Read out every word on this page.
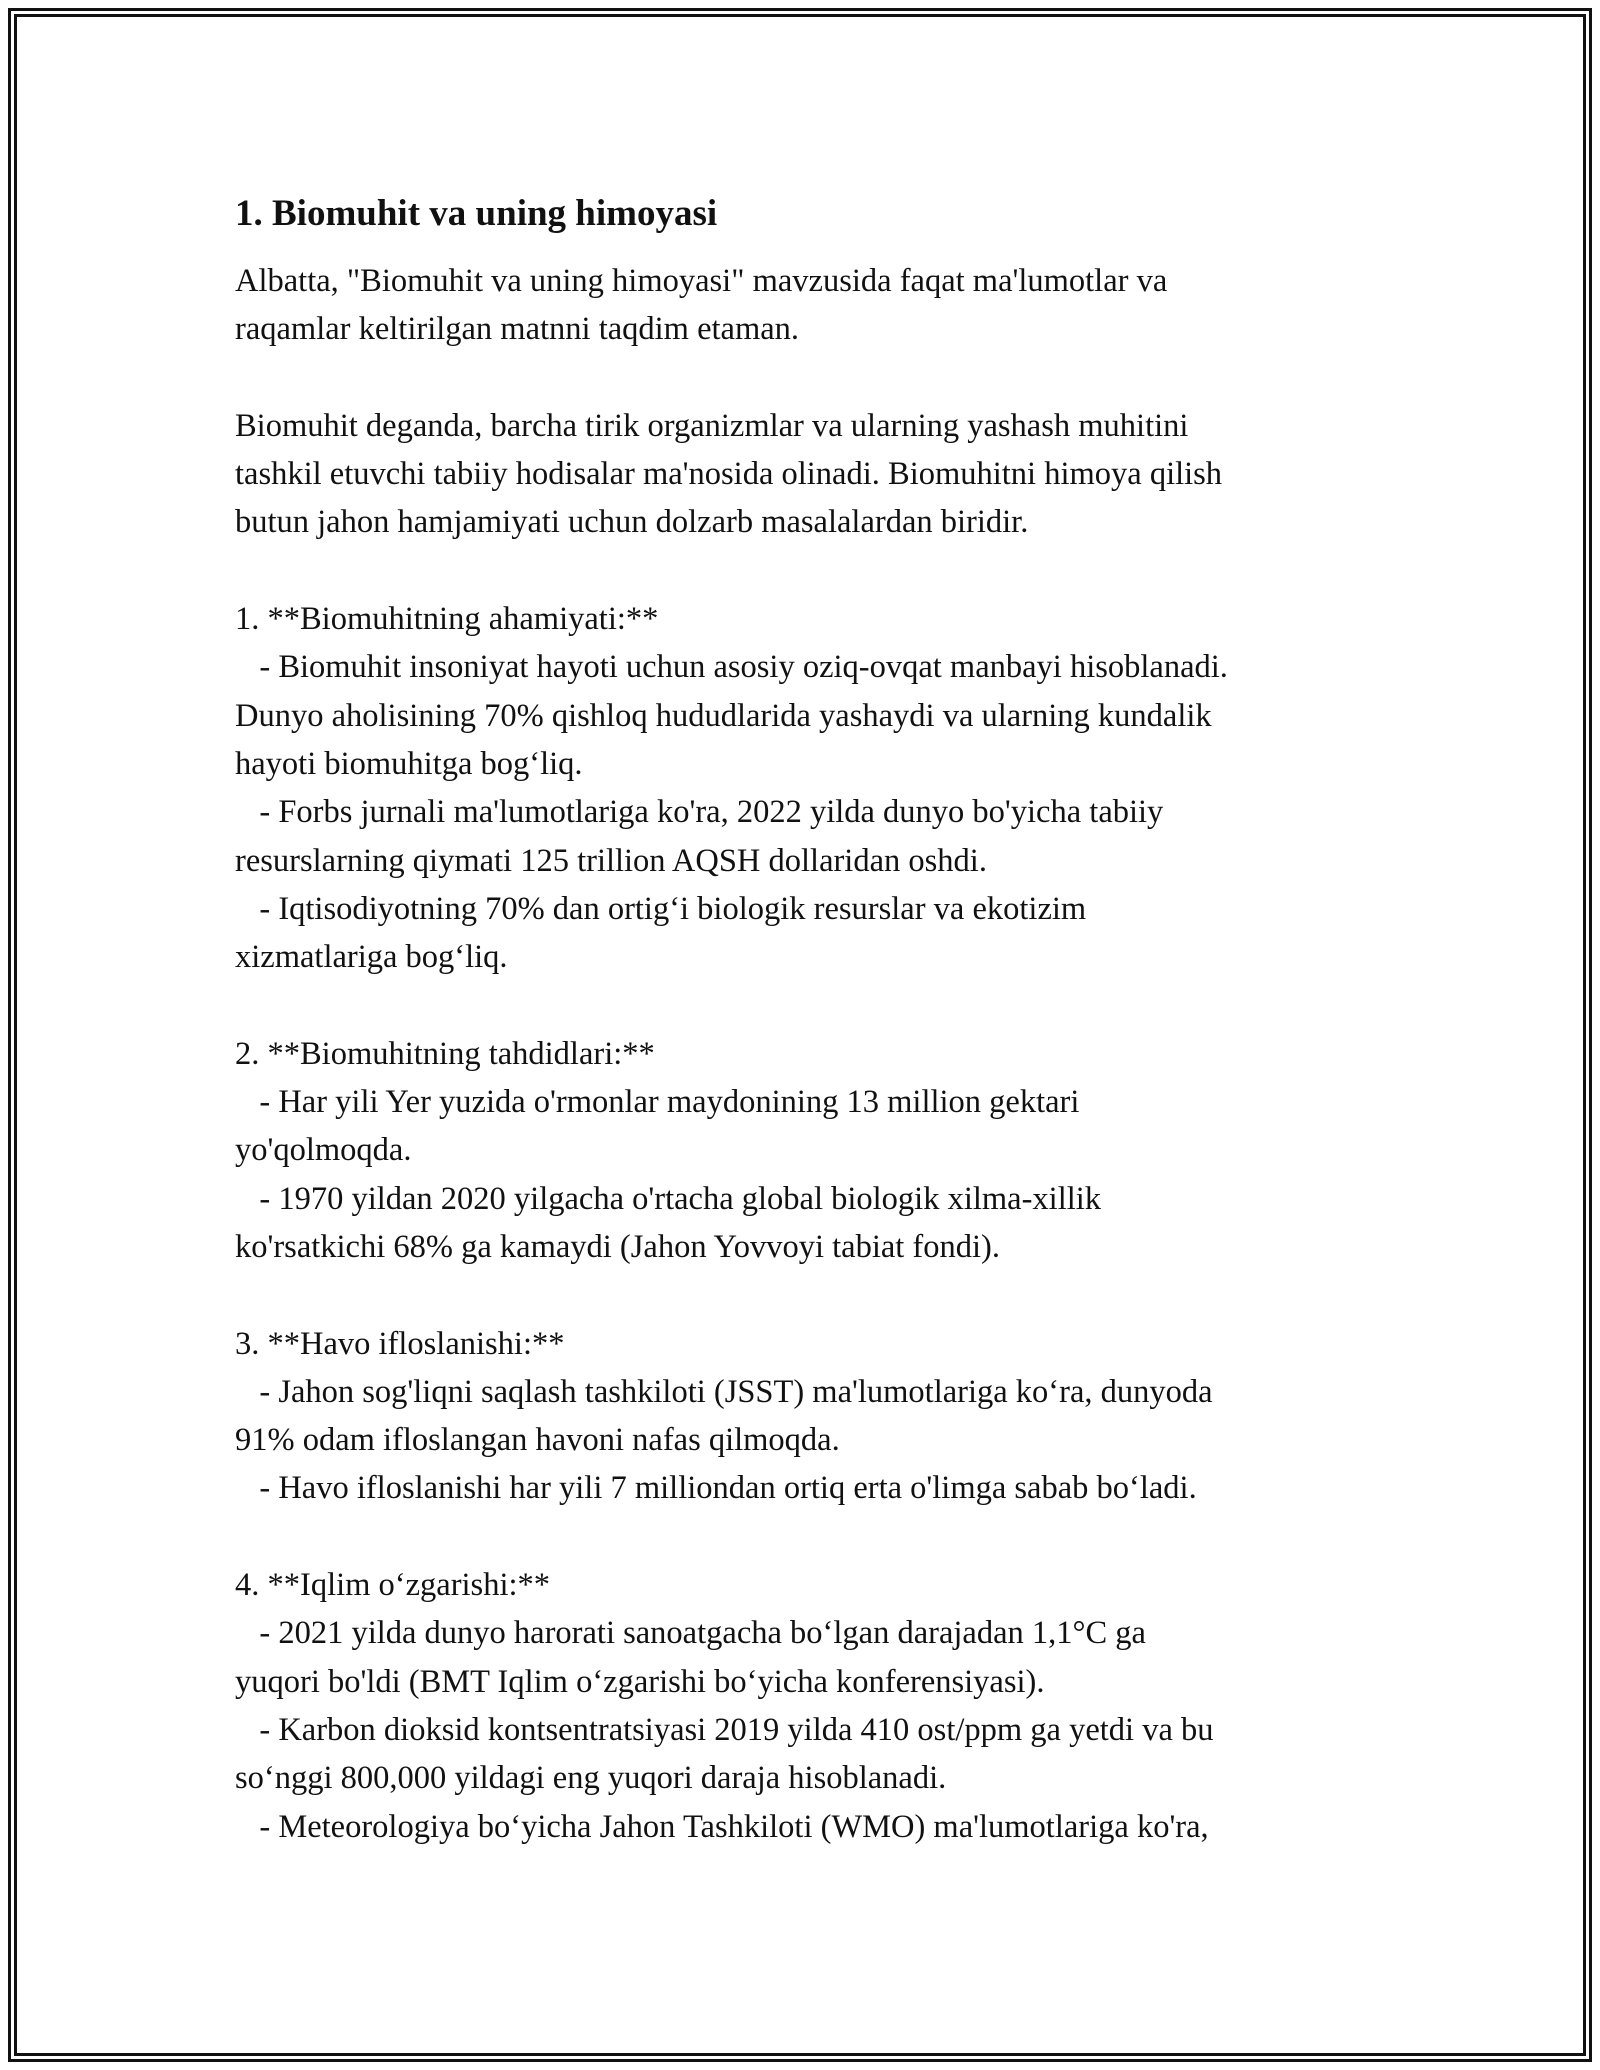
1. Biomuhit va uning himoyasi
Albatta, "Biomuhit va uning himoyasi" mavzusida faqat ma'lumotlar va
raqamlar keltirilgan matnni taqdim etaman.
Biomuhit deganda, barcha tirik organizmlar va ularning yashash muhitini
tashkil etuvchi tabiiy hodisalar ma'nosida olinadi. Biomuhitni himoya qilish
butun jahon hamjamiyati uchun dolzarb masalalardan biridir.
1. **Biomuhitning ahamiyati:**
- Biomuhit insoniyat hayoti uchun asosiy oziq-ovqat manbayi hisoblanadi.
Dunyo aholisining 70% qishloq hududlarida yashaydi va ularning kundalik
hayoti biomuhitga bog‘liq.
- Forbs jurnali ma'lumotlariga ko'ra, 2022 yilda dunyo bo'yicha tabiiy
resurslarning qiymati 125 trillion AQSH dollaridan oshdi.
- Iqtisodiyotning 70% dan ortig‘i biologik resurslar va ekotizim
xizmatlariga bog‘liq.
2. **Biomuhitning tahdidlari:**
- Har yili Yer yuzida o'rmonlar maydonining 13 million gektari
yo'qolmoqda.
- 1970 yildan 2020 yilgacha o'rtacha global biologik xilma-xillik
ko'rsatkichi 68% ga kamaydi (Jahon Yovvoyi tabiat fondi).
3. **Havo ifloslanishi:**
- Jahon sog'liqni saqlash tashkiloti (JSST) ma'lumotlariga ko‘ra, dunyoda
91% odam ifloslangan havoni nafas qilmoqda.
- Havo ifloslanishi har yili 7 milliondan ortiq erta o'limga sabab bo‘ladi.
4. **Iqlim o‘zgarishi:**
- 2021 yilda dunyo harorati sanoatgacha bo‘lgan darajadan 1,1°C ga
yuqori bo'ldi (BMT Iqlim o‘zgarishi bo‘yicha konferensiyasi).
- Karbon dioksid kontsentratsiyasi 2019 yilda 410 ost/ppm ga yetdi va bu
so‘nggi 800,000 yildagi eng yuqori daraja hisoblanadi.
- Meteorologiya bo‘yicha Jahon Tashkiloti (WMO) ma'lumotlariga ko'ra,
